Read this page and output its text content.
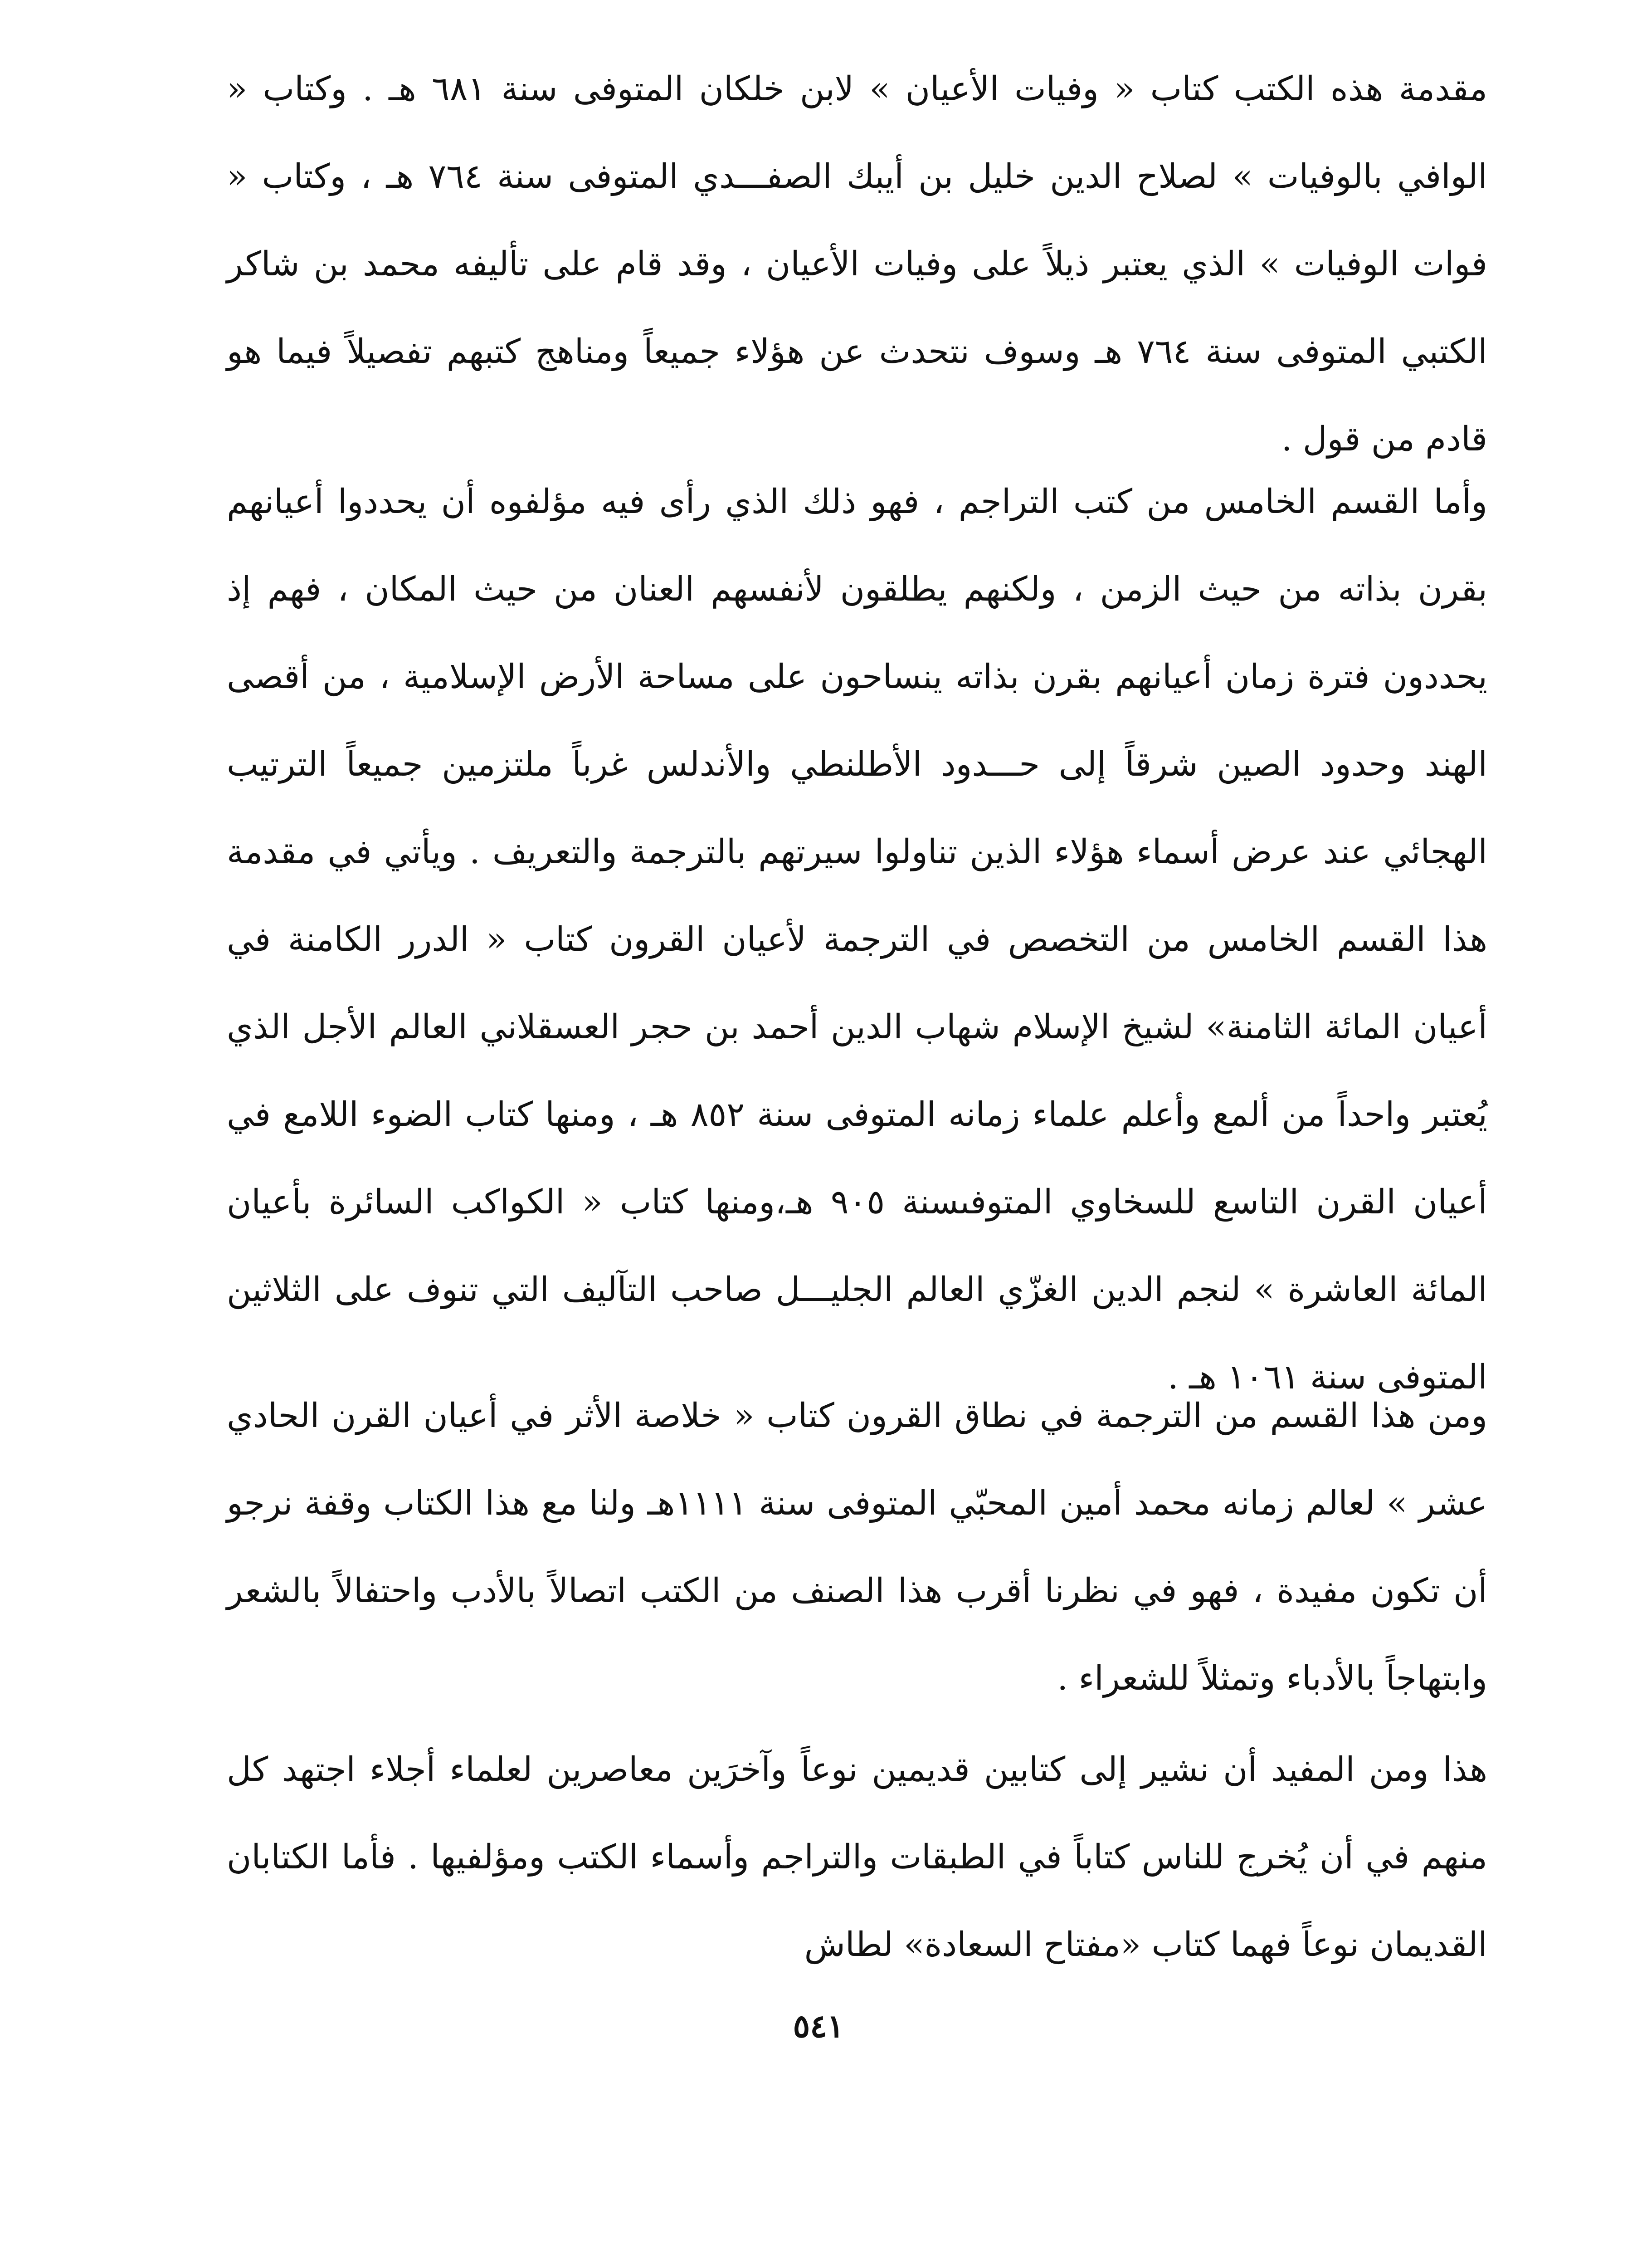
مقدمة هذه الكتب كتاب « وفيات الأعيان » لابن خلكان المتوفى سنة ٦٨١ هـ . وكتاب « الوافي بالوفيات » لصلاح الدين خليل بن أيبك الصفـــدي المتوفى سنة ٧٦٤ هـ ، وكتاب « فوات الوفيات » الذي يعتبر ذيلاً على وفيات الأعيان ، وقد قام على تأليفه محمد بن شاكر الكتبي المتوفى سنة ٧٦٤ هـ وسوف نتحدث عن هؤلاء جميعاً ومناهج كتبهم تفصيلاً فيما هو قادم من قول .

وأما القسم الخامس من كتب التراجم ، فهو ذلك الذي رأى فيه مؤلفوه أن يحددوا أعيانهم بقرن بذاته من حيث الزمن ، ولكنهم يطلقون لأنفسهم العنان من حيث المكان ، فهم إذ يحددون فترة زمان أعيانهم بقرن بذاته ينساحون على مساحة الأرض الإسلامية ، من أقصى الهند وحدود الصين شرقاً إلى حـــدود الأطلنطي والأندلس غرباً ملتزمين جميعاً الترتيب الهجائي عند عرض أسماء هؤلاء الذين تناولوا سيرتهم بالترجمة والتعريف . ويأتي في مقدمة هذا القسم الخامس من التخصص في الترجمة لأعيان القرون كتاب « الدرر الكامنة في أعيان المائة الثامنة» لشيخ الإسلام شهاب الدين أحمد بن حجر العسقلاني العالم الأجل الذي يُعتبر واحداً من ألمع وأعلم علماء زمانه المتوفى سنة ٨٥٢ هـ ، ومنها كتاب الضوء اللامع في أعيان القرن التاسع للسخاوي المتوفىسنة ٩٠٥ هـ،ومنها كتاب « الكواكب السائرة بأعيان المائة العاشرة » لنجم الدين الغزّي العالم الجليـــل صاحب التآليف التي تنوف على الثلاثين المتوفى سنة ١٠٦١ هـ .

ومن هذا القسم من الترجمة في نطاق القرون كتاب « خلاصة الأثر في أعيان القرن الحادي عشر » لعالم زمانه محمد أمين المحبّي المتوفى سنة ١١١١هـ ولنا مع هذا الكتاب وقفة نرجو أن تكون مفيدة ، فهو في نظرنا أقرب هذا الصنف من الكتب اتصالاً بالأدب واحتفالاً بالشعر وابتهاجاً بالأدباء وتمثلاً للشعراء .

هذا ومن المفيد أن نشير إلى كتابين قديمين نوعاً وآخرَين معاصرين لعلماء أجلاء اجتهد كل منهم في أن يُخرج للناس كتاباً في الطبقات والتراجم وأسماء الكتب ومؤلفيها . فأما الكتابان القديمان نوعاً فهما كتاب «مفتاح السعادة» لطاش

٥٤١
